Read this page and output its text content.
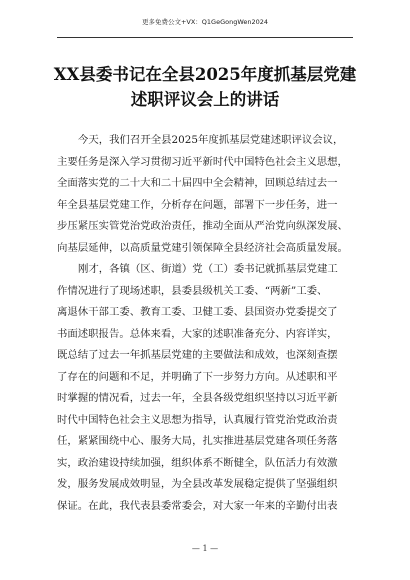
更多免费公文+VX：Q1GeGongWen2024
XX县委书记在全县2025年度抓基层党建
述职评议会上的讲话
今天，我们召开全县2025年度抓基层党建述职评议会议，
主要任务是深入学习贯彻习近平新时代中国特色社会主义思想，
全面落实党的二十大和二十届四中全会精神，回顾总结过去一
年全县基层党建工作，分析存在问题，部署下一步任务，进一
步压紧压实管党治党政治责任，推动全面从严治党向纵深发展、
向基层延伸，以高质量党建引领保障全县经济社会高质量发展。
刚才，各镇（区、街道）党（工）委书记就抓基层党建工
作情况进行了现场述职，县委县级机关工委、“两新”工委、
离退休干部工委、教育工委、卫健工委、县国资办党委提交了
书面述职报告。总体来看，大家的述职准备充分、内容详实，
既总结了过去一年抓基层党建的主要做法和成效，也深刻查摆
了存在的问题和不足，并明确了下一步努力方向。从述职和平
时掌握的情况看，过去一年，全县各级党组织坚持以习近平新
时代中国特色社会主义思想为指导，认真履行管党治党政治责
任，紧紧围绕中心、服务大局，扎实推进基层党建各项任务落
实，政治建设持续加强，组织体系不断健全，队伍活力有效激
发，服务发展成效明显，为全县改革发展稳定提供了坚强组织
保证。在此，我代表县委常委会，对大家一年来的辛勤付出表
— 1 —
